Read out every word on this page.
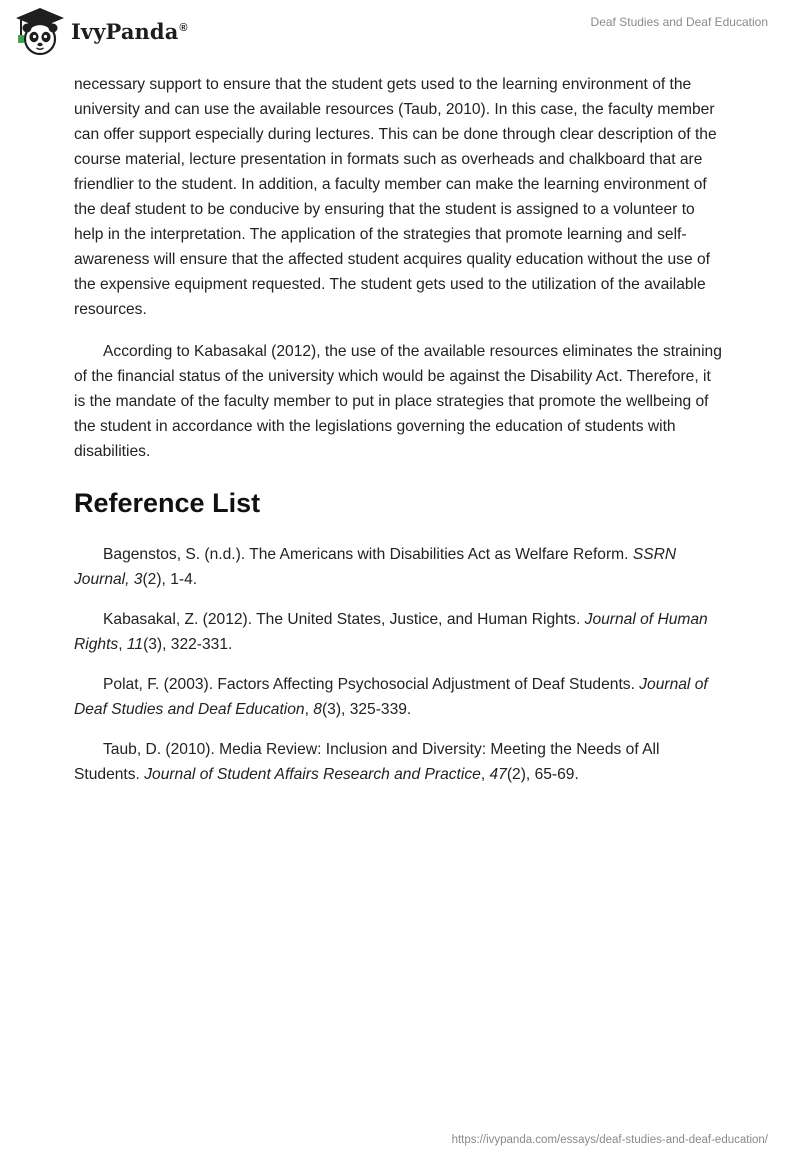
IvyPanda®	Deaf Studies and Deaf Education

necessary support to ensure that the student gets used to the learning environment of the university and can use the available resources (Taub, 2010). In this case, the faculty member can offer support especially during lectures. This can be done through clear description of the course material, lecture presentation in formats such as overheads and chalkboard that are friendlier to the student. In addition, a faculty member can make the learning environment of the deaf student to be conducive by ensuring that the student is assigned to a volunteer to help in the interpretation. The application of the strategies that promote learning and self-awareness will ensure that the affected student acquires quality education without the use of the expensive equipment requested. The student gets used to the utilization of the available resources.

According to Kabasakal (2012), the use of the available resources eliminates the straining of the financial status of the university which would be against the Disability Act. Therefore, it is the mandate of the faculty member to put in place strategies that promote the wellbeing of the student in accordance with the legislations governing the education of students with disabilities.

Reference List

Bagenstos, S. (n.d.). The Americans with Disabilities Act as Welfare Reform. SSRN Journal, 3(2), 1-4.

Kabasakal, Z. (2012). The United States, Justice, and Human Rights. Journal of Human Rights, 11(3), 322-331.

Polat, F. (2003). Factors Affecting Psychosocial Adjustment of Deaf Students. Journal of Deaf Studies and Deaf Education, 8(3), 325-339.

Taub, D. (2010). Media Review: Inclusion and Diversity: Meeting the Needs of All Students. Journal of Student Affairs Research and Practice, 47(2), 65-69.

https://ivypanda.com/essays/deaf-studies-and-deaf-education/
